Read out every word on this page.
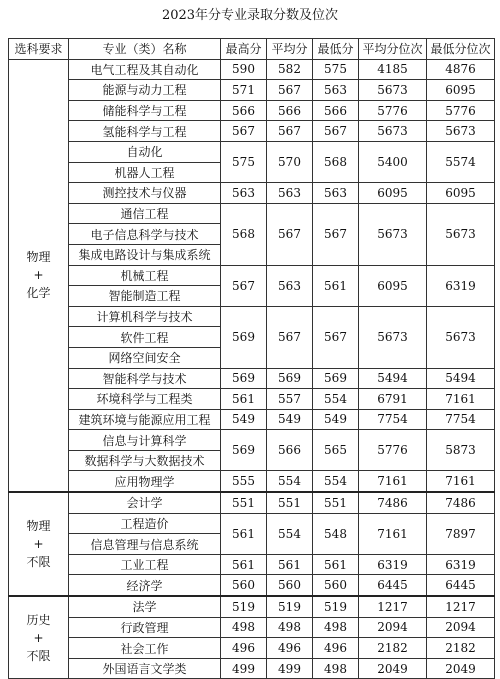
2023年分专业录取分数及位次
选科要求	专业（类）名称	最高分	平均分	最低分	平均分位次	最低分位次

物理
+
化学	电气工程及其自动化	590	582	575	4185	4876
	能源与动力工程	571	567	563	5673	6095
	储能科学与工程	566	566	566	5776	5776
	氢能科学与工程	567	567	567	5673	5673
	自动化	575	570	568	5400	5574
	机器人工程					
	测控技术与仪器	563	563	563	6095	6095
	通信工程	568	567	567	5673	5673
	电子信息科学与技术					
	集成电路设计与集成系统					
	机械工程	567	563	561	6095	6319
	智能制造工程					
	计算机科学与技术	569	567	567	5673	5673
	软件工程					
	网络空间安全					
	智能科学与技术	569	569	569	5494	5494
	环境科学与工程类	561	557	554	6791	7161
	建筑环境与能源应用工程	549	549	549	7754	7754
	信息与计算科学	569	566	565	5776	5873
	数据科学与大数据技术					
	应用物理学	555	554	554	7161	7161

物理
+
不限	会计学	551	551	551	7486	7486
	工程造价	561	554	548	7161	7897
	信息管理与信息系统					
	工业工程	561	561	561	6319	6319
	经济学	560	560	560	6445	6445

历史
+
不限	法学	519	519	519	1217	1217
	行政管理	498	498	498	2094	2094
	社会工作	496	496	496	2182	2182
	外国语言文学类	499	499	498	2049	2049
